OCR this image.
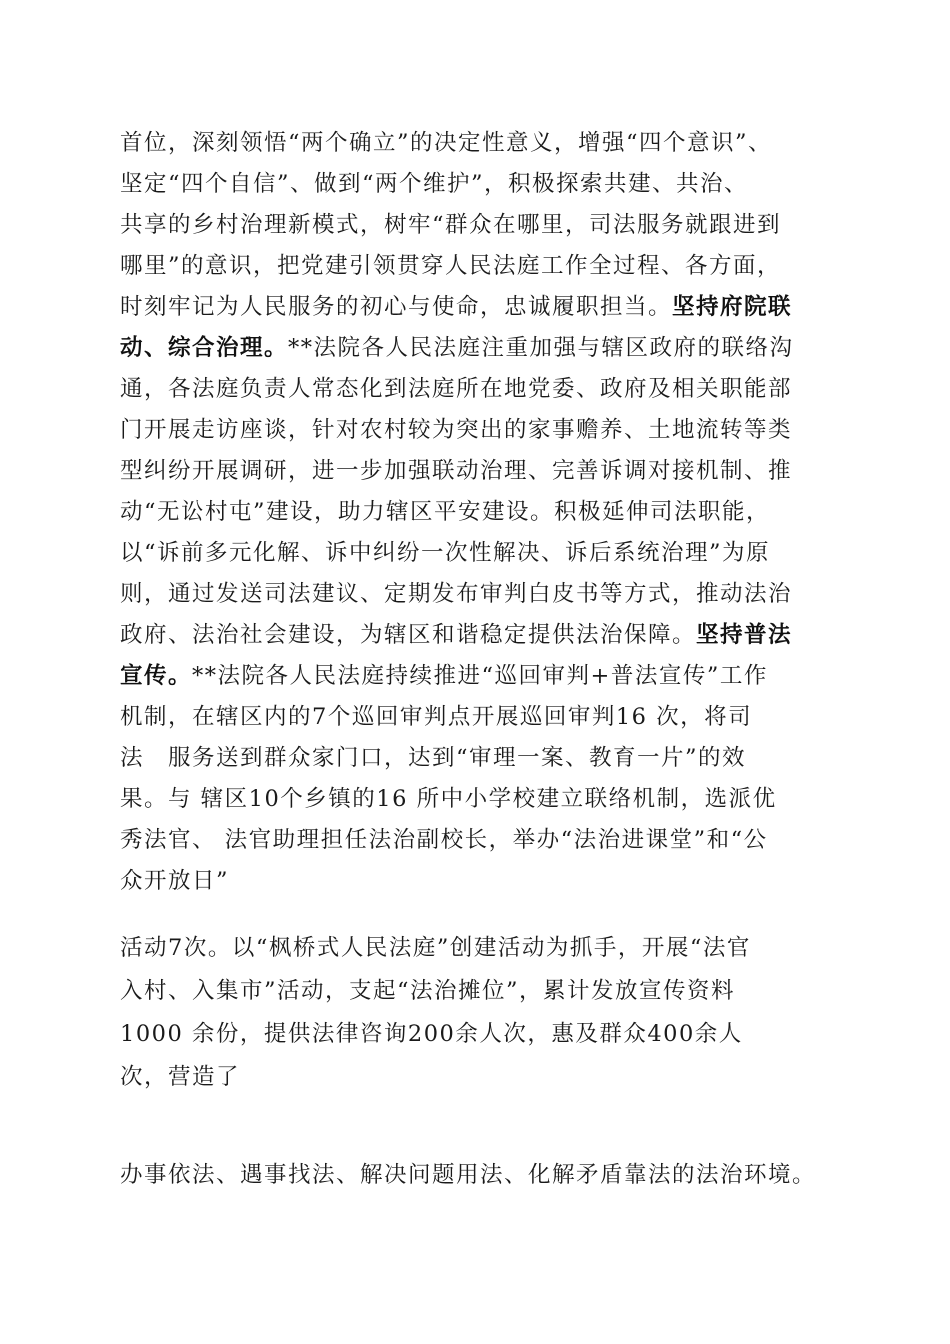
首位，深刻领悟“两个确立”的决定性意义，增强“四个意识”、
坚定“四个自信”、做到“两个维护”，积极探索共建、共治、
共享的乡村治理新模式，树牢“群众在哪里，司法服务就跟进到
哪里”的意识，把党建引领贯穿人民法庭工作全过程、各方面，
时刻牢记为人民服务的初心与使命，忠诚履职担当。坚持府院联
动、综合治理。**法院各人民法庭注重加强与辖区政府的联络沟
通，各法庭负责人常态化到法庭所在地党委、政府及相关职能部
门开展走访座谈，针对农村较为突出的家事赡养、土地流转等类
型纠纷开展调研，进一步加强联动治理、完善诉调对接机制、推
动“无讼村屯”建设，助力辖区平安建设。积极延伸司法职能，
以“诉前多元化解、诉中纠纷一次性解决、诉后系统治理”为原
则，通过发送司法建议、定期发布审判白皮书等方式，推动法治
政府、法治社会建设，为辖区和谐稳定提供法治保障。坚持普法
宣传。**法院各人民法庭持续推进“巡回审判+普法宣传”工作
机制，在辖区内的7个巡回审判点开展巡回审判16 次，将司
法　服务送到群众家门口，达到“审理一案、教育一片”的效
果。与 辖区10个乡镇的16 所中小学校建立联络机制，选派优
秀法官、 法官助理担任法治副校长，举办“法治进课堂”和“公
众开放日”
活动7次。以“枫桥式人民法庭”创建活动为抓手，开展“法官
入村、入集市”活动，支起“法治摊位”，累计发放宣传资料
1000 余份，提供法律咨询200余人次，惠及群众400余人
次，营造了
办事依法、遇事找法、解决问题用法、化解矛盾靠法的法治环境。
